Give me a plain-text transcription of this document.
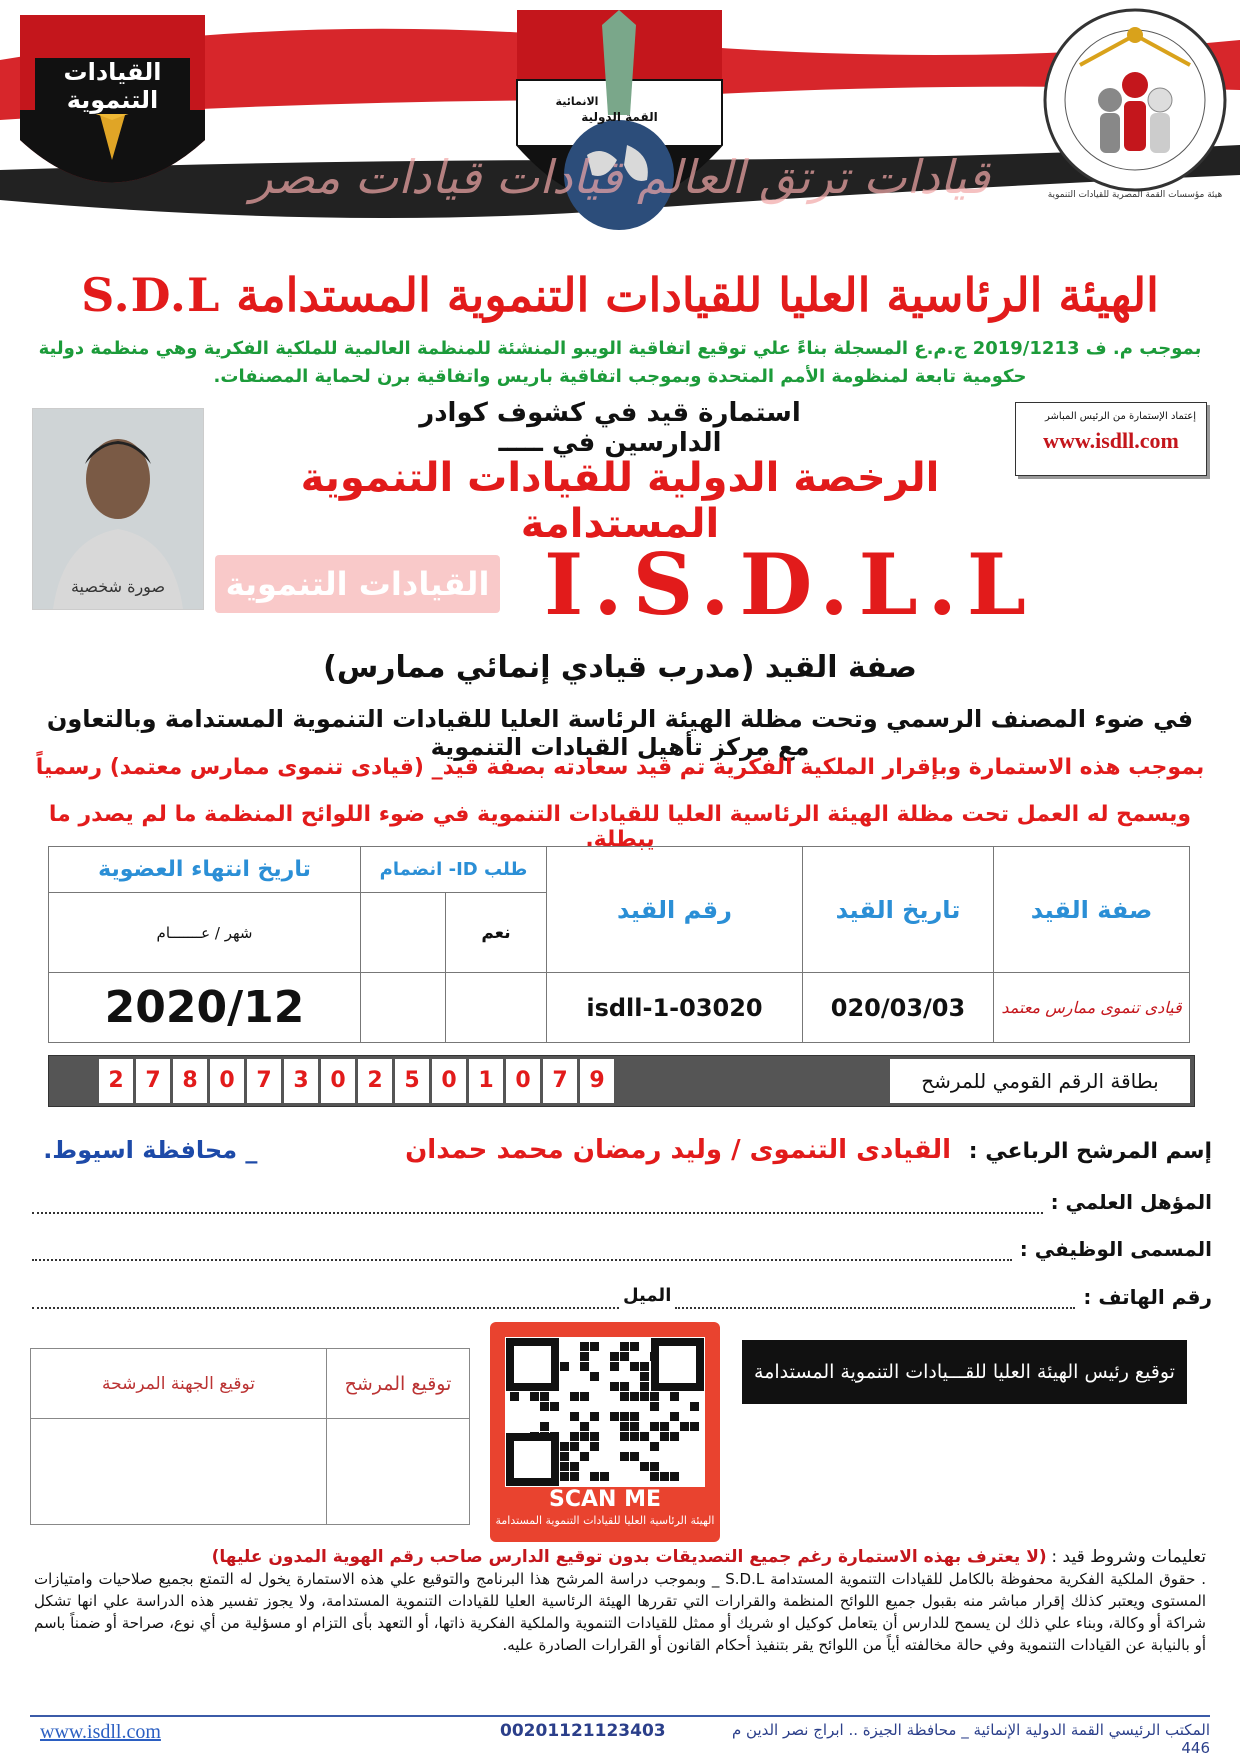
القيادات التنموية
القمة الدولية
الانمائية
قيادات ترتق العالم قيادات قيادات مصر	هيئة مؤسسات القمة المصرية للقيادات التنموية
الهيئة الرئاسية العليا للقيادات التنموية المستدامة S.D.L
بموجب م. ف 2019/1213 ج.م.ع المسجلة بناءً علي توقيع اتفاقية الويبو المنشئة للمنظمة العالمية للملكية الفكرية وهي منظمة دولية حكومية تابعة لمنظومة الأمم المتحدة وبموجب اتفاقية باريس واتفاقية برن لحماية المصنفات.
استمارة قيد في كشوف كوادر الدارسين في ـــــ
إعتماد الإستمارة من الرئيس المباشر
www.isdll.com
الرخصة الدولية للقيادات التنموية المستدامة
صورة شخصية	القيادات التنموية I.S.D.L.L
صفة القيد (مدرب قيادي إنمائي ممارس)
في ضوء المصنف الرسمي وتحت مظلة الهيئة الرئاسة العليا للقيادات التنموية المستدامة وبالتعاون مع مركز تأهيل القيادات التنموية
بموجب هذه الاستمارة وبإقرار الملكية الفكرية تم قيد سعادته بصفة قيد_ (قيادى تنموى ممارس معتمد) رسمياً
ويسمح له العمل تحت مظلة الهيئة الرئاسية العليا للقيادات التنموية في ضوء اللوائح المنظمة ما لم يصدر ما يبطلة.
صفة القيد	تاريخ القيد	رقم القيد	طلب ID- انضمام		تاريخ انتهاء العضوية
			نعم		شهر / عـــــــام
قيادى تنموى ممارس معتمد	020/03/03	isdll-1-03020			2020/12
بطاقة الرقم القومي للمرشح
2 7 8 0 7 3 0 2 5 0 1 0 7 9
إسم المرشح الرباعي : القيادى التنموى / وليد رمضان محمد حمدان _ محافظة اسيوط.
المؤهل العلمي :
المسمى الوظيفي :
رقم الهاتف :
الميل
توقيع المرشح	توقيع الجهنة المرشحة

SCAN ME
الهيئة الرئاسية العليا للقيادات التنموية المستدامة
توقيع رئيس الهيئة العليا للقـــيادات التنموية المستدامة
تعليمات وشروط قيد : (لا يعترف بهذه الاستمارة رغم جميع التصديقات بدون توقيع الدارس صاحب رقم الهوية المدون عليها)
. حقوق الملكية الفكرية محفوظة بالكامل للقيادات التنموية المستدامة S.D.L _ وبموجب دراسة المرشح هذا البرنامج والتوقيع علي هذه الاستمارة يخول له التمتع بجميع صلاحيات وامتيازات المستوى ويعتبر كذلك إقرار مباشر منه بقبول جميع اللوائح المنظمة والقرارات التي تقررها الهيئة الرئاسية العليا للقيادات التنموية المستدامة، ولا يجوز تفسير هذه الدراسة علي انها تشكل شراكة أو وكالة، وبناء علي ذلك لن يسمح للدارس أن يتعامل كوكيل او شريك أو ممثل للقيادات التنموية والملكية الفكرية ذاتها، أو التعهد بأى التزام او مسؤلية من أي نوع، صراحة أو ضمناً باسم أو بالنيابة عن القيادات التنموية وفي حالة مخالفته أياً من اللوائح يقر بتنفيذ أحكام القانون أو القرارات الصادرة عليه.
www.isdll.com	00201121123403	المكتب الرئيسي القمة الدولية الإنمائية _ محافظة الجيزة .. ابراج نصر الدين م 446
